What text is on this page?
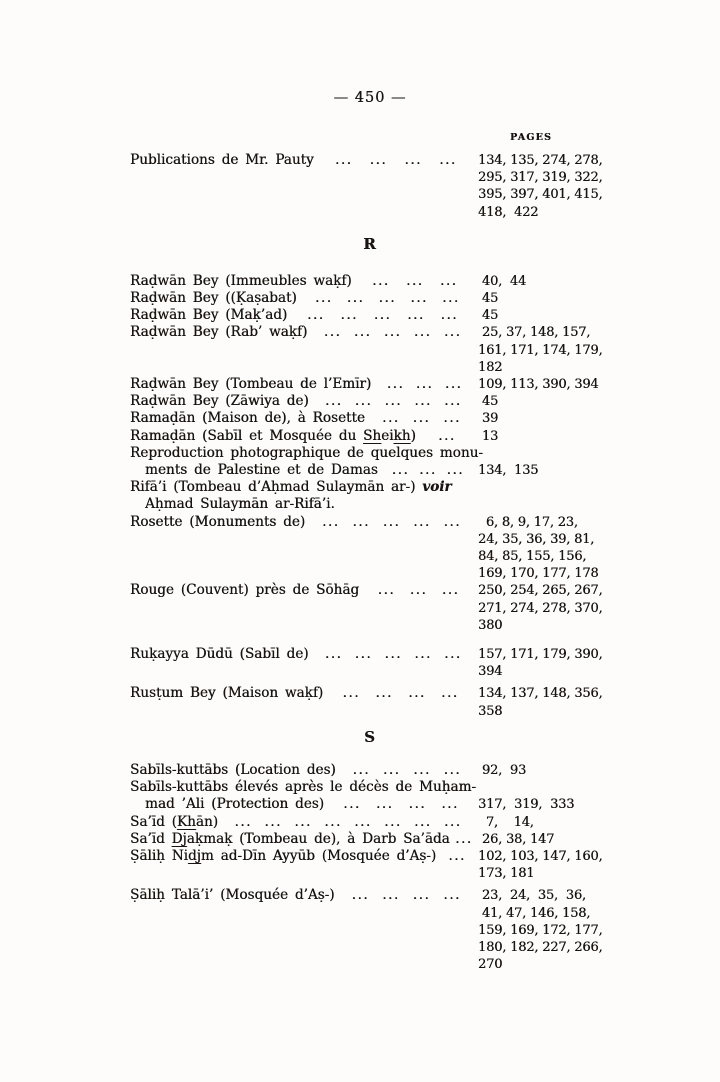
— 450 —
PAGES
Publications de Mr. Pauty ... ... ... ... 134, 135, 274, 278,
295, 317, 319, 322,
395, 397, 401, 415,
418,  422
R
Raḍwān Bey (Immeubles waḳf) ... ... ... 40,  44
Raḍwān Bey ((Ḳaṣabat) ... ... ... ... ... 45
Raḍwān Bey (Maḳ’ad) ... ... ... ... ... 45
Raḍwān Bey (Rab’ waḳf) ... ... ... ... ... 25, 37, 148, 157,
161, 171, 174, 179,
182
Raḍwān Bey (Tombeau de l’Emīr) ... ... ... 109, 113, 390, 394
Raḍwān Bey (Zāwiya de) ... ... ... ... ... 45
Ramaḍān (Maison de), à Rosette ... ... ... 39
Ramaḍān (Sabīl et Mosquée du Sheikh) ... 13
Reproduction photographique de quelques monu-
ments de Palestine et de Damas ... ... ... 134,  135
Rifā’i (Tombeau d’Aḥmad Sulaymān ar-) voir
Aḥmad Sulaymān ar-Rifā’i.
Rosette (Monuments de) ... ... ... ... ... 6, 8, 9, 17, 23,
24, 35, 36, 39, 81,
84, 85, 155, 156,
169, 170, 177, 178
Rouge (Couvent) près de Sōhāg ... ... ... 250, 254, 265, 267,
271, 274, 278, 370,
380
Ruḳayya Dūdū (Sabīl de) ... ... ... ... ... 157, 171, 179, 390,
394
Rusṭum Bey (Maison waḳf) ... ... ... ... 134, 137, 148, 356,
358
S
Sabīls-kuttābs (Location des) ... ... ... ... 92,  93
Sabīls-kuttābs élevés après le décès de Muḥam-
mad ’Ali (Protection des) ... ... ... ... 317,  319,  333
Sa’īd (Khān) ... ... ... ... ... ... ... ... 7,    14,
Sa’īd Djaḳmaḳ (Tombeau de), à Darb Sa’āda ... 26, 38, 147
Ṣāliḥ Nidjm ad-Dīn Ayyūb (Mosquée d’Aṣ-) ... 102, 103, 147, 160,
173, 181
Ṣāliḥ Talā’i’ (Mosquée d’Aṣ-) ... ... ... ... 23,  24,  35,  36,
41, 47, 146, 158,
159, 169, 172, 177,
180, 182, 227, 266,
270
